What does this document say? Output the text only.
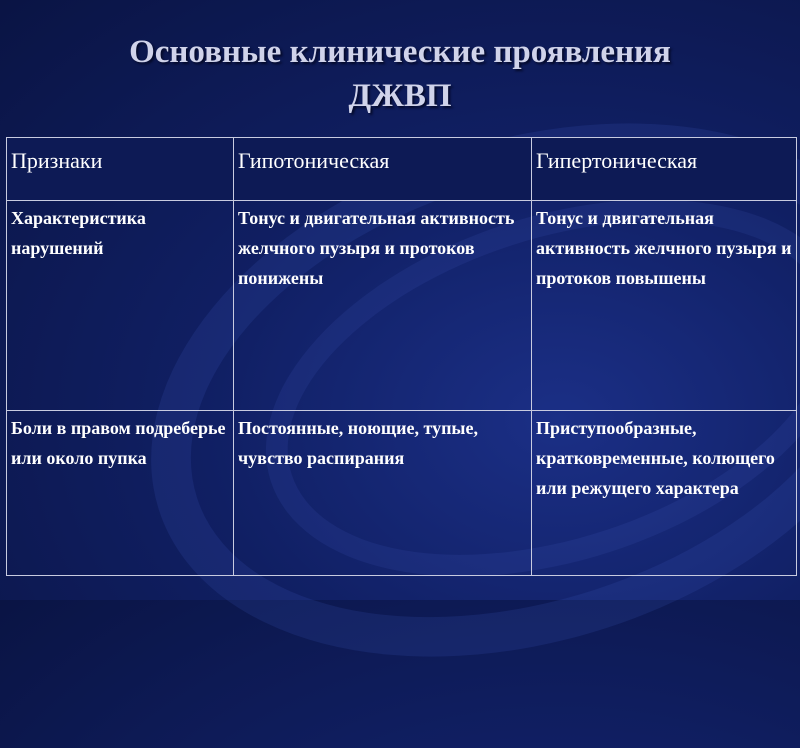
Основные клинические проявления
ДЖВП
Признаки	Гипотоническая	Гипертоническая
Характеристика нарушений	Тонус и двигательная активность желчного пузыря и протоков понижены	Тонус и двигательная активность желчного пузыря и протоков повышены
Боли в правом подреберье или около пупка	Постоянные, ноющие, тупые, чувство распирания	Приступообразные, кратковременные, колющего или режущего характера
